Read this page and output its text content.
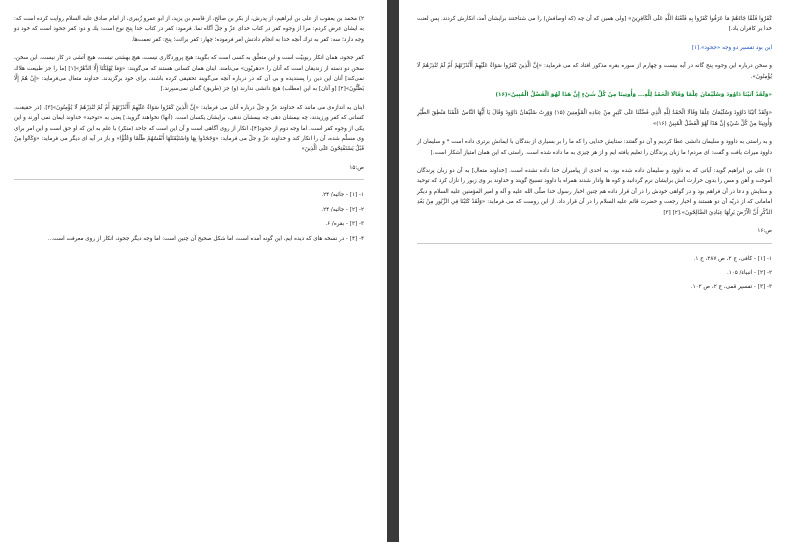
۲) محمد بن يعقوب از على بن ابراهيم، از پدرش، از بكر بن صالح، از قاسم بن يزيد، از ابو عمرو زُبيرى، از امام صادق عليه السلام روايت كرده است كه: به ايشان عرض كردم: مرا از وجوه كفر در كتاب خداى عزّ و جلّ آگاه نما. فرمود: كفر در كتاب خدا پنج نوع است: يك و دو: كفر جحود است كه خود دو وجه دارد؛ سه: كفر به ترك آنچه خدا به انجام دادنش امر فرموده؛ چهار: كفر برائت؛ پنج: كفر نعمت‌ها.

كفر جحود، همان انكار ربوبيّت است و اين متعلّق به كسى است كه بگويد: هيچ پروردگارى نيست، هيچ بهشتى نيست، هيچ آتشى در كار نيست. اين سخن، سخن دو دسته از زنديقان است كه آنان را «دهريّون» مى‌نامند. اينان همان كسانى هستند كه مى‌گويند: «وَمَا يُهْلِكُنَا إِلَّا الدَّهْرُ»[۱] [ما را جز طبيعت هلاك نمى‌كند] آنان اين دين را پسنديده و بى آن كه در درباره آنچه مى‌گويند تحقيقى كرده باشند، براى خود برگزيدند. خداوند متعال مى‌فرمايد: «إِنْ هُمْ إِلَّا يَظُنُّونَ»[۲] [و آنان] به اين (مطلب) هيچ دانشى ندارند (و) جز (طريق) گمان نمى‌سپرند.]

اينان به اندازه‌ى مى مانند كه خداوند عزّ و جلّ درباره آنان مى فرمايد: «إِنَّ الَّذِينَ كَفَرُوا سَوَاءٌ عَلَيْهِمْ أَأَنْذَرْتَهُمْ أَمْ لَمْ تُنْذِرْهُمْ لَا يُؤْمِنُونَ»[۳]. [در حقيقت، كسانى كه كفر ورزيدند، چه بيمشان دهى چه بيمشان ندهى، برايشان يكسان است. (آنها) نخواهند گرويد.] يعنى به «توحيد» خداوند ايمان نمى آورند و اين يكى از وجوه كفر است. اما وجه دوم از جحود[۴]، انكار از روى آگاهى است و آن اين است كه جاحد (منكر) با علم به اين كه او حق است و اين امر براى وى مسلّم شده، آن را انكار كند و خداوند عزّ و جلّ مى فرمايد: «وَجَحَدُوا بِهَا وَاسْتَيْقَنَتْهَا أَنْفُسُهُمْ ظُلْمًا وَعُلُوًّا» و باز در آيه اى ديگر مى فرمايد: «وَكَانُوا مِنْ قَبْلُ يَسْتَفْتِحُونَ عَلَى الَّذِينَ»

ص:۱۵
۱- [۱] - جاثيه/ ۲۴.
۲- [۲] - جاثيه/ ۲۴.
۳- [۳] - بقره/ ۶.
۴- [۴] - در نسخه هاى كه ديده ايم، اين گونه آمده است، اما شكل صحيح آن چنين است: اما وجه ديگر جحود، انكار از روى معرفت است...

كَفَرُوا فَلَمَّا جَاءَهُمْ مَا عَرَفُوا كَفَرُوا بِهِ فَلَعْنَةُ اللَّهِ عَلَى الْكَافِرِينَ» [ولى همين كه آن چه (كه اوصافش) را مى شناختند برايشان آمد، انكارش كردند. پس لعنت خدا بر كافران باد.]

اين بود تفسير دو وجه «جحود».[۱]

و سخن درباره اين وجوه پنج گانه در آيه بيست و چهارم از سوره بقره مذكور افتاد كه مى فرمايد: «إِنَّ الَّذِينَ كَفَرُوا سَوَاءٌ عَلَيْهِمْ أَأَنْذَرْتَهُمْ أَمْ لَمْ تُنْذِرْهُمْ لَا يُؤْمِنُونَ».

«وَلَقَدْ آتَيْنَا دَاوُودَ وَسُلَيْمَانَ عِلْمًا وَقَالَا الْحَمْدُ لِلَّهِ... وَأُوتِينَا مِنْ كُلِّ شَيْءٍ إِنَّ هَذَا لَهُوَ الْفَضْلُ الْمُبِينُ»(۱۶)

«وَلَقَدْ آتَيْنَا دَاوُودَ وَسُلَيْمَانَ عِلْمًا وَقَالَا الْحَمْدُ لِلَّهِ الَّذِي فَضَّلَنَا عَلَى كَثِيرٍ مِنْ عِبَادِهِ الْمُؤْمِنِينَ (۱۵) وَوَرِثَ سُلَيْمَانُ دَاوُودَ وَقَالَ يَا أَيُّهَا النَّاسُ عُلِّمْنَا مَنْطِقَ الطَّيْرِ وَأُوتِينَا مِنْ كُلِّ شَيْءٍ إِنَّ هَذَا لَهُوَ الْفَضْلُ الْمُبِينُ (۱۶)»

و به راستى به داوود و سليمان دانشى عطا كرديم و آن دو گفتند: ستايش خدايى را كه ما را بر بسيارى از بندگان با ايمانش برترى داده است * و سليمان از داوود ميراث يافت و گفت: اى مردم! ما زبان پرندگان را تعليم يافته ايم و از هر چيزى به ما داده شده است. راستى كه اين همان امتياز آشكار است.]

۱) على بن ابراهيم گويد: آياتى كه به داوود و سليمان داده شده بود، به احدى از پيامبران خدا داده نشده است. [خداوند متعال] به آن دو زبان پرندگان آموخت و آهن و مس را بدون حرارت آتش برايشان نرم گردانيد و كوه ها وادار شدند همراه با داوود تسبيح گويند و خداوند بر وى زبور را نازل كرد كه توحيد و ستايش و دعا در آن فراهم بود و در گواهى خودش را در آن قرار داده هم چنين اخبار رسول خدا صلّى الله عليه و آله و امير المؤمنين عليه السلام و ديگر امامانى كه از ذريّه آن دو هستند و اخبار رجعت و حضرت قائم عليه السلام را در آن قرار داد. از اين روست كه مى فرمايد: «وَلَقَدْ كَتَبْنَا فِي الزَّبُورِ مِنْ بَعْدِ الذِّكْرِ أَنَّ الْأَرْضَ يَرِثُهَا عِبَادِيَ الصَّالِحُونَ».[۲] [۳]

ص:۱۶
۱- [۱] - كافى، ج ۲، ص ۲۸۷، ح ۱.
۲- [۲] - انبياء/ ۱۰۵.
۳- [۳] - تفسير قمى، ج ۲، ص ۱۰۲.
